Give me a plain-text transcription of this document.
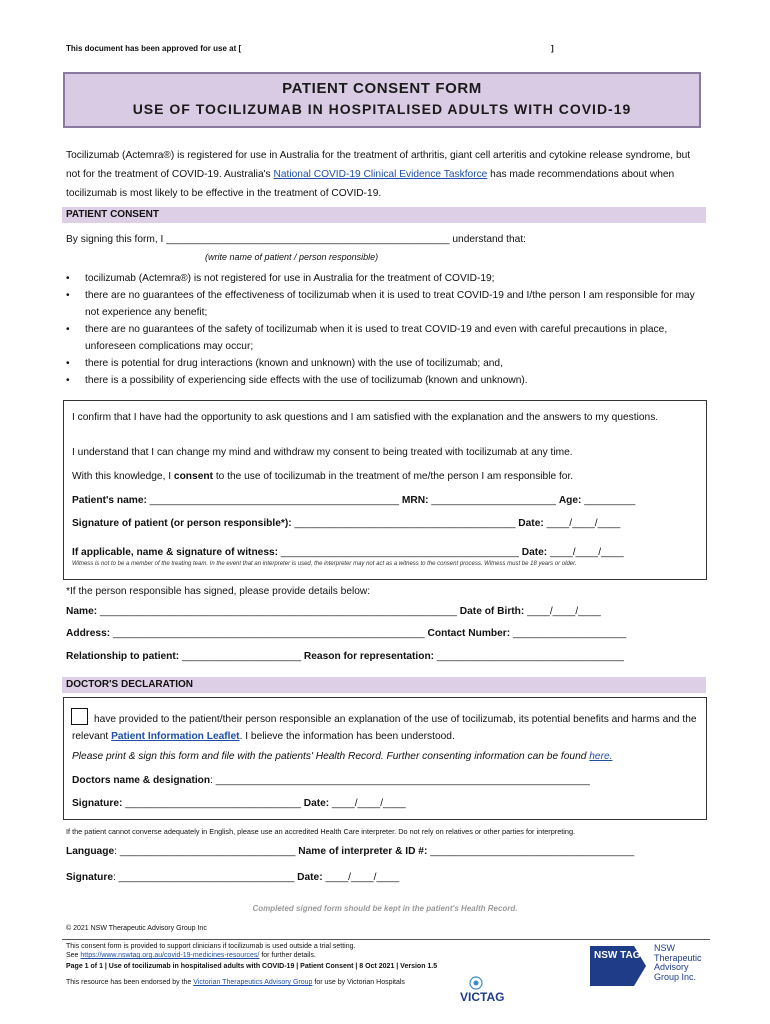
This document has been approved for use at [	]
PATIENT CONSENT FORM
USE OF TOCILIZUMAB IN HOSPITALISED ADULTS WITH COVID-19
Tocilizumab (Actemra®) is registered for use in Australia for the treatment of arthritis, giant cell arteritis and cytokine release syndrome, but not for the treatment of COVID-19. Australia's National COVID-19 Clinical Evidence Taskforce has made recommendations about when tocilizumab is most likely to be effective in the treatment of COVID-19.
PATIENT CONSENT
By signing this form, I __________________________________________________ understand that:
(write name of patient / person responsible)
• tocilizumab (Actemra®) is not registered for use in Australia for the treatment of COVID-19;
• there are no guarantees of the effectiveness of tocilizumab when it is used to treat COVID-19 and I/the person I am responsible for may not experience any benefit;
• there are no guarantees of the safety of tocilizumab when it is used to treat COVID-19 and even with careful precautions in place, unforeseen complications may occur;
• there is potential for drug interactions (known and unknown) with the use of tocilizumab; and,
• there is a possibility of experiencing side effects with the use of tocilizumab (known and unknown).
I confirm that I have had the opportunity to ask questions and I am satisfied with the explanation and the answers to my questions.
I understand that I can change my mind and withdraw my consent to being treated with tocilizumab at any time.
With this knowledge, I consent to the use of tocilizumab in the treatment of me/the person I am responsible for.
Patient's name: ____________________________________________ MRN: ______________________ Age: _________
Signature of patient (or person responsible*): _______________________________________ Date: ____/____/____
If applicable, name & signature of witness: __________________________________________ Date: ____/____/____
Witness is not to be a member of the treating team. In the event that an interpreter is used, the interpreter may not act as a witness to the consent process. Witness must be 18 years or older.
*If the person responsible has signed, please provide details below:
Name: _______________________________________________________________ Date of Birth: ____/____/____
Address: _______________________________________________________ Contact Number: ____________________
Relationship to patient: _____________________ Reason for representation: _________________________________
DOCTOR'S DECLARATION
have provided to the patient/their person responsible an explanation of the use of tocilizumab, its potential benefits and harms and the relevant Patient Information Leaflet. I believe the information has been understood.
Please print & sign this form and file with the patients' Health Record. Further consenting information can be found here.
Doctors name & designation: __________________________________________________________________
Signature: _______________________________ Date: ____/____/____
If the patient cannot converse adequately in English, please use an accredited Health Care interpreter. Do not rely on relatives or other parties for interpreting.
Language: _______________________________ Name of interpreter & ID #: ____________________________________
Signature: _______________________________ Date: ____/____/____
Completed signed form should be kept in the patient's Health Record.
© 2021 NSW Therapeutic Advisory Group Inc
This consent form is provided to support clinicians if tocilizumab is used outside a trial setting.
See https://www.nswtag.org.au/covid-19-medicines-resources/ for further details.
Page 1 of 1 | Use of tocilizumab in hospitalised adults with COVID-19 | Patient Consent | 8 Oct 2021 | Version 1.5
This resource has been endorsed by the Victorian Therapeutics Advisory Group for use by Victorian Hospitals
VICTAG
NSW TAG
NSW
Therapeutic
Advisory
Group Inc.
